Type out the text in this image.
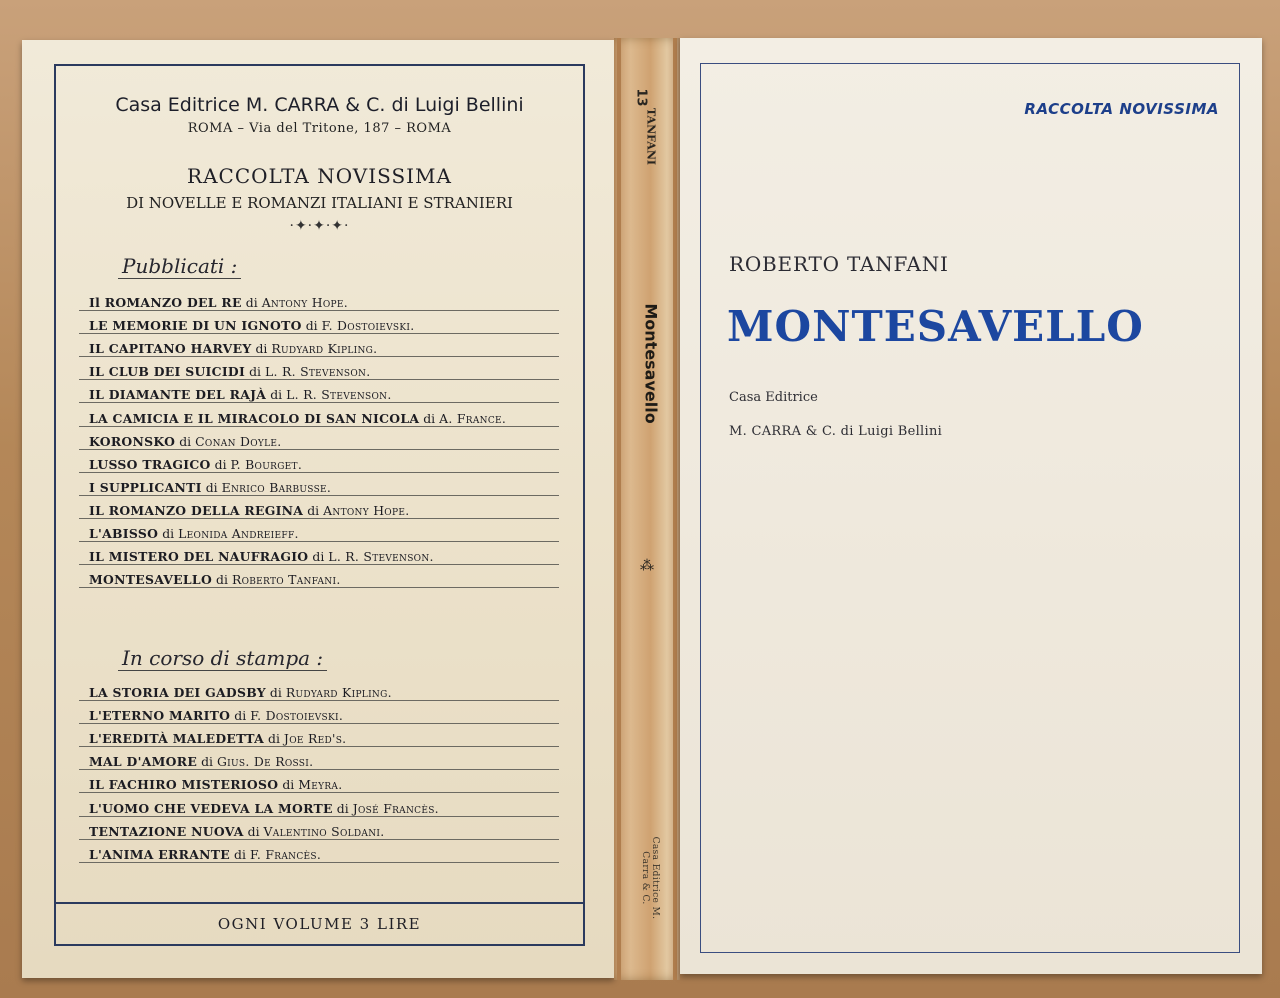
Casa Editrice M. CARRA & C. di Luigi Bellini
ROMA – Via del Tritone, 187 – ROMA
RACCOLTA NOVISSIMA
DI NOVELLE E ROMANZI ITALIANI E STRANIERI
·✦·✦·✦·
Pubblicati :
Il ROMANZO DEL RE di Antony Hope.
LE MEMORIE DI UN IGNOTO di F. Dostoievski.
IL CAPITANO HARVEY di Rudyard Kipling.
IL CLUB DEI SUICIDI di L. R. Stevenson.
IL DIAMANTE DEL RAJÀ di L. R. Stevenson.
LA CAMICIA E IL MIRACOLO DI SAN NICOLA di A. France.
KORONSKO di Conan Doyle.
LUSSO TRAGICO di P. Bourget.
I SUPPLICANTI di Enrico Barbusse.
IL ROMANZO DELLA REGINA di Antony Hope.
L'ABISSO di Leonida Andreieff.
IL MISTERO DEL NAUFRAGIO di L. R. Stevenson.
MONTESAVELLO di Roberto Tanfani.
In corso di stampa :
LA STORIA DEI GADSBY di Rudyard Kipling.
L'ETERNO MARITO di F. Dostoievski.
L'EREDITÀ MALEDETTA di Joe Red's.
MAL D'AMORE di Gius. De Rossi.
IL FACHIRO MISTERIOSO di Meyra.
L'UOMO CHE VEDEVA LA MORTE di José Francès.
TENTAZIONE NUOVA di Valentino Soldani.
L'ANIMA ERRANTE di F. Francès.
OGNI VOLUME 3 LIRE
13
TANFANI
Montesavello
⁂
Casa Editrice M. Carra & C.
RACCOLTA NOVISSIMA
ROBERTO TANFANI
MONTESAVELLO
Casa Editrice
M. CARRA & C. di Luigi Bellini
